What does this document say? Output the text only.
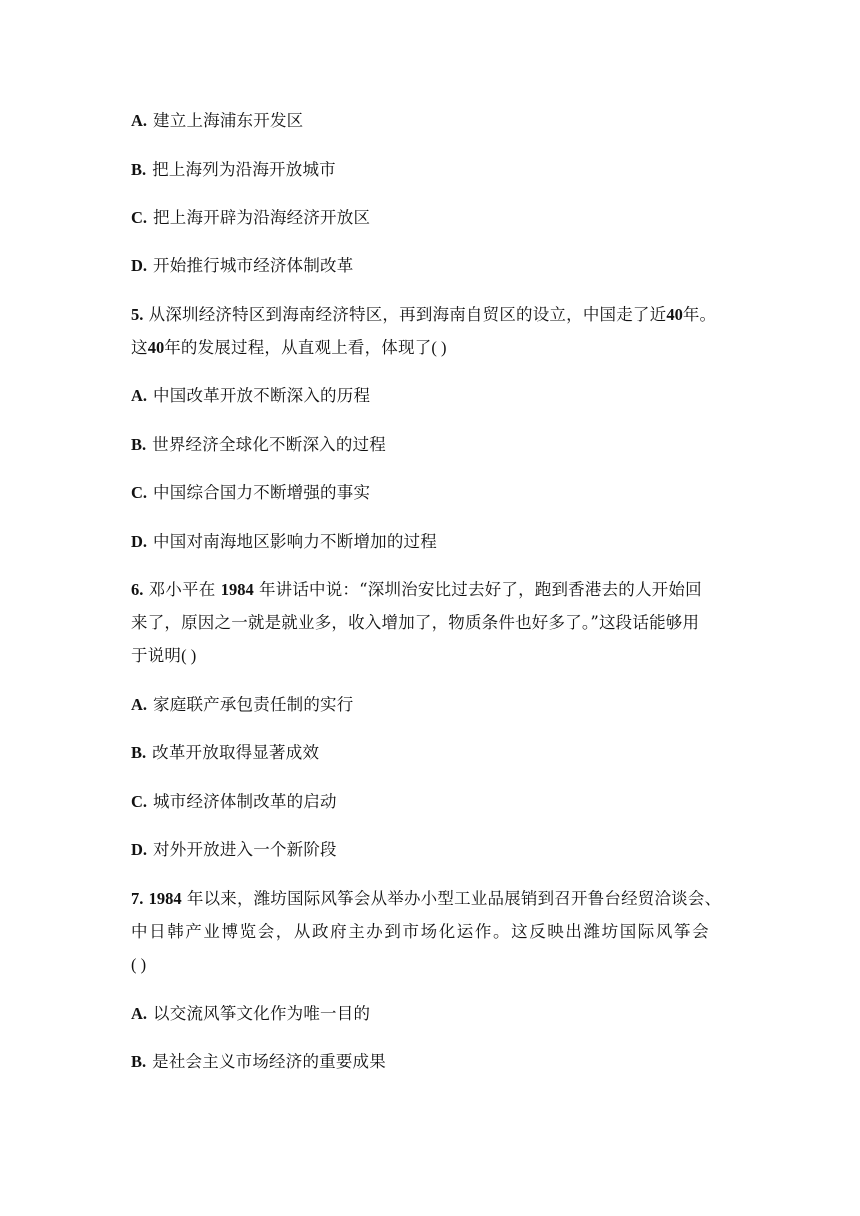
A. 建立上海浦东开发区
B. 把上海列为沿海开放城市
C. 把上海开辟为沿海经济开放区
D. 开始推行城市经济体制改革
5. 从深圳经济特区到海南经济特区，再到海南自贸区的设立，中国走了近40年。
这40年的发展过程，从直观上看，体现了( )
A. 中国改革开放不断深入的历程
B. 世界经济全球化不断深入的过程
C. 中国综合国力不断增强的事实
D. 中国对南海地区影响力不断增加的过程
6. 邓小平在 1984 年讲话中说：“深圳治安比过去好了，跑到香港去的人开始回
来了，原因之一就是就业多，收入增加了，物质条件也好多了。”这段话能够用
于说明( )
A. 家庭联产承包责任制的实行
B. 改革开放取得显著成效
C. 城市经济体制改革的启动
D. 对外开放进入一个新阶段
7. 1984 年以来，潍坊国际风筝会从举办小型工业品展销到召开鲁台经贸洽谈会、
中日韩产业博览会，从政府主办到市场化运作。这反映出潍坊国际风筝会
( )
A. 以交流风筝文化作为唯一目的
B. 是社会主义市场经济的重要成果
